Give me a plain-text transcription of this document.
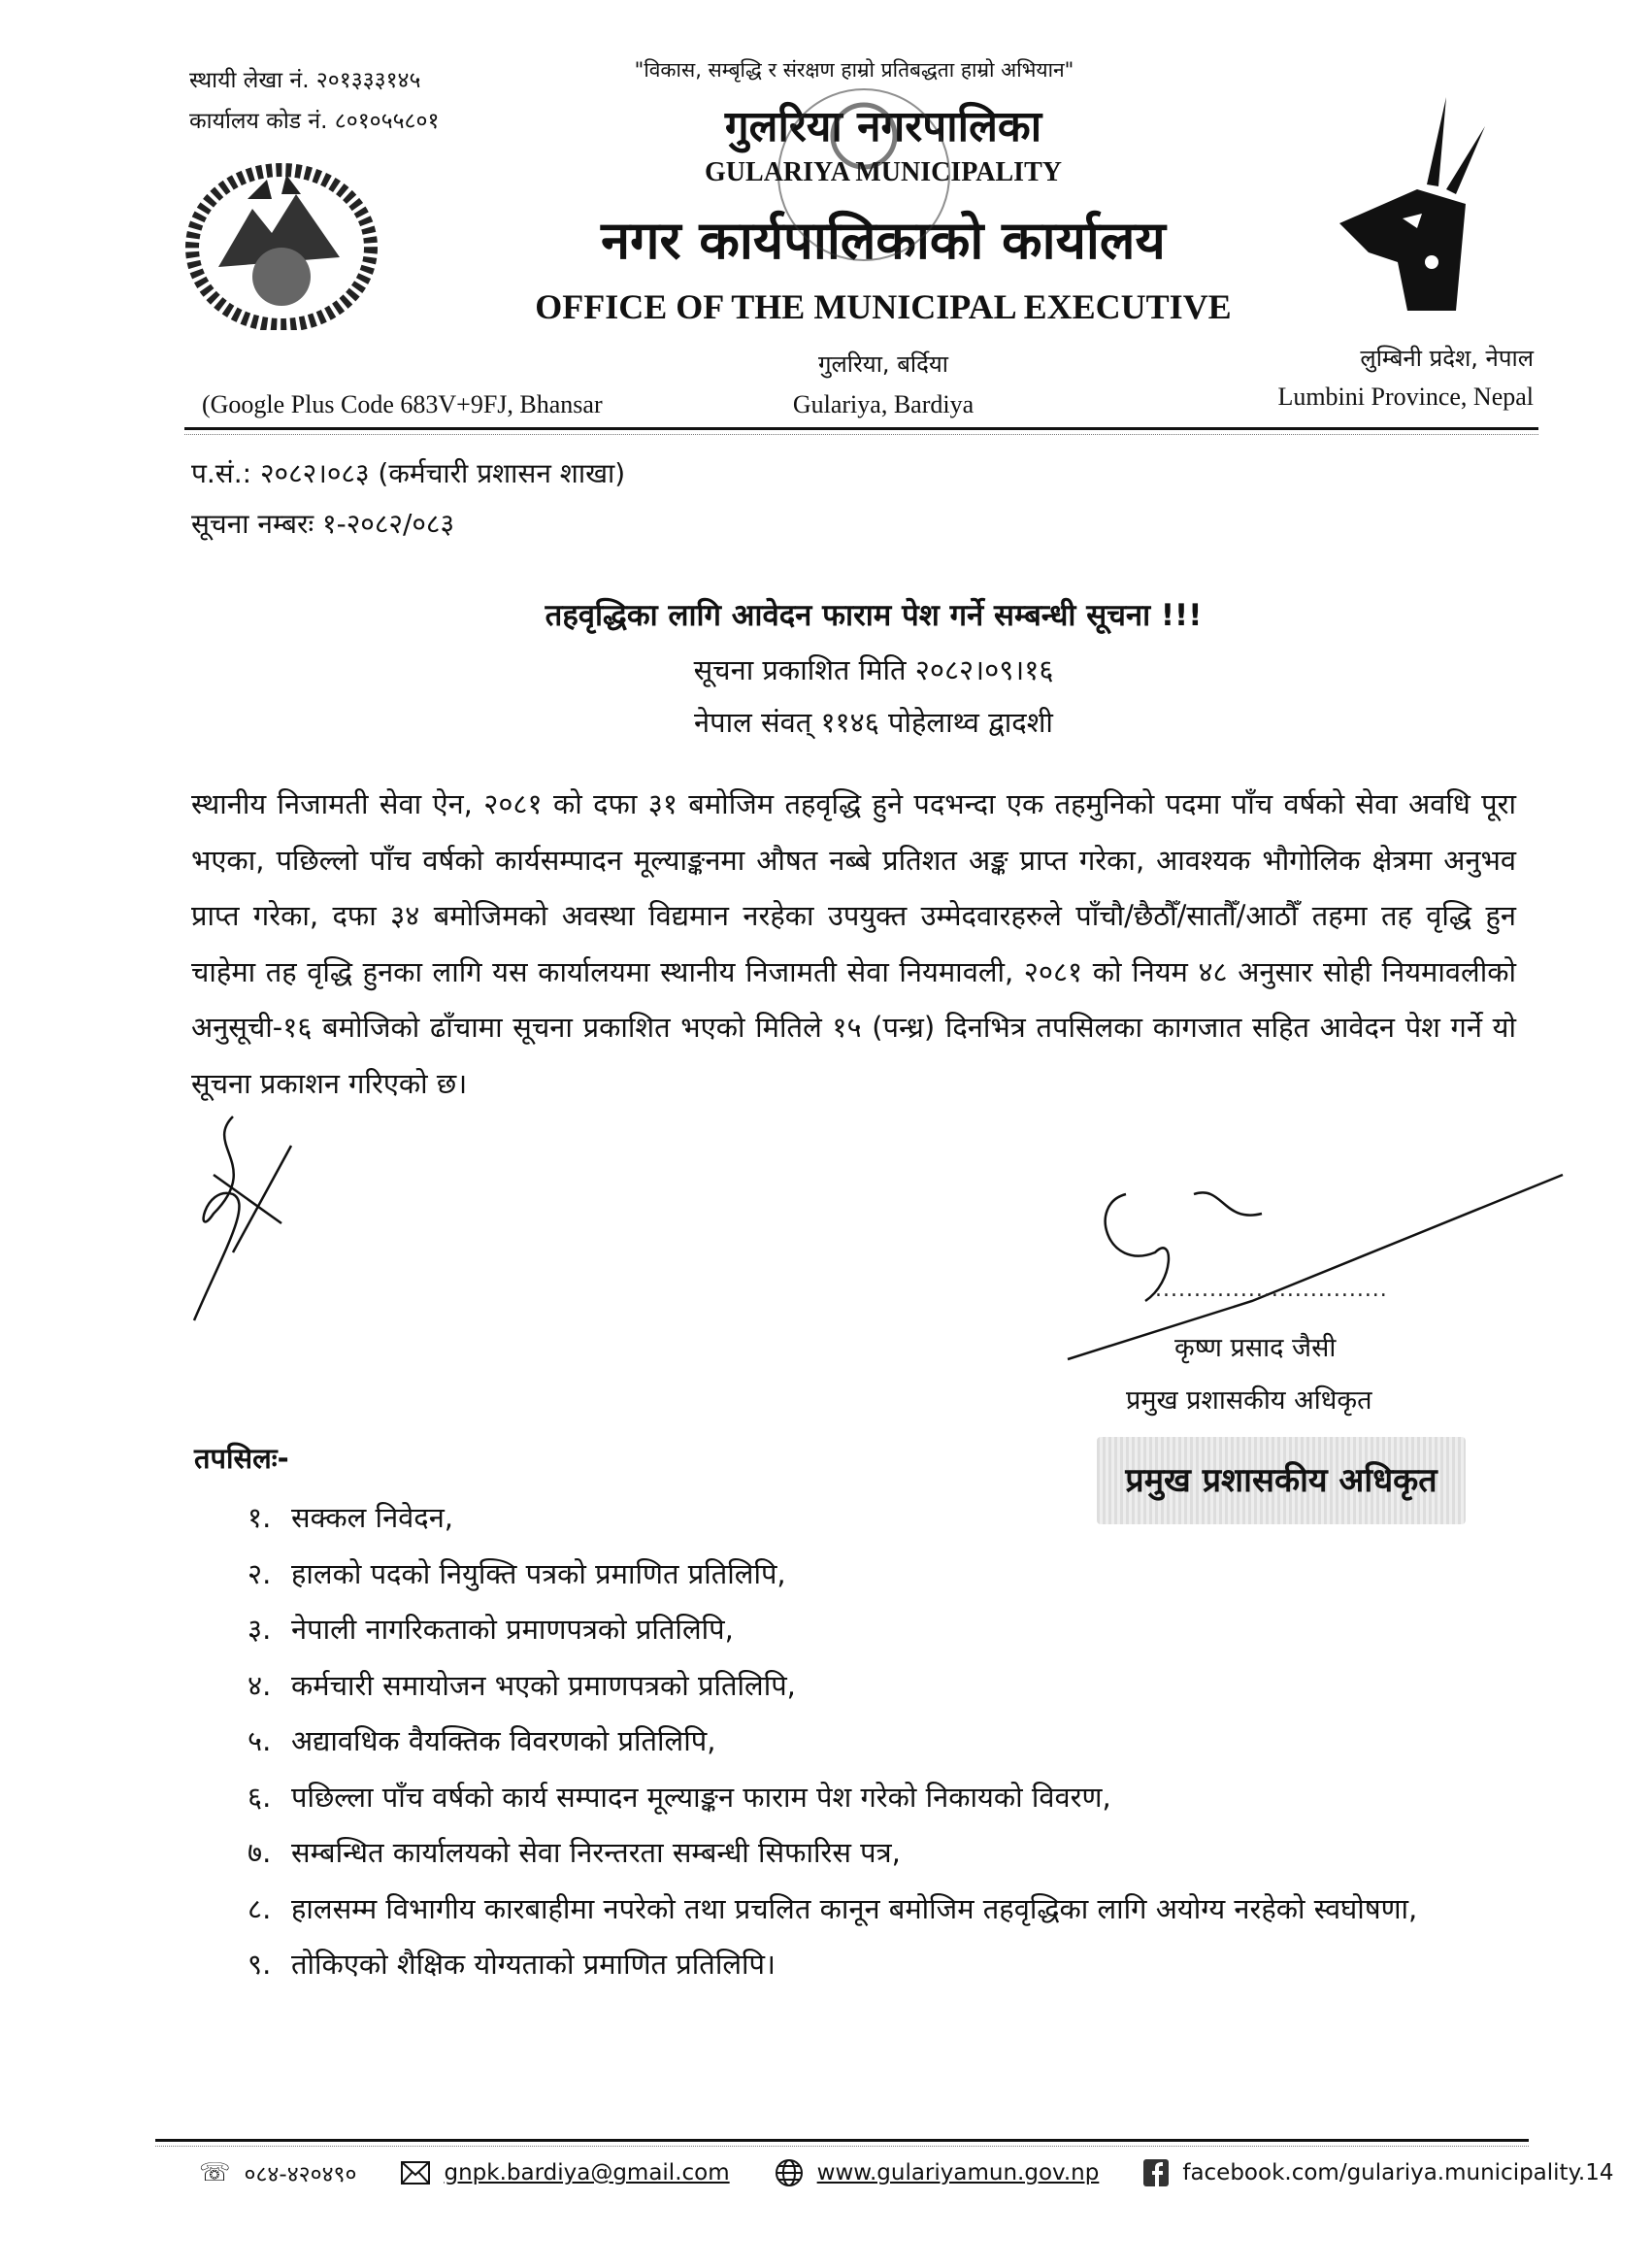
स्थायी लेखा नं. २०१३३३१४५
कार्यालय कोड नं. ८०१०५५८०१
"विकास, सम्बृद्धि र संरक्षण हाम्रो प्रतिबद्धता हाम्रो अभियान"
गुलरिया नगरपालिका
GULARIYA MUNICIPALITY
नगर कार्यपालिकाको कार्यालय
OFFICE OF THE MUNICIPAL EXECUTIVE
गुलरिया, बर्दिया
Gulariya, Bardiya
(Google Plus Code 683V+9FJ, Bhansar
लुम्बिनी प्रदेश, नेपाल
Lumbini Province, Nepal
प.सं.: २०८२।०८३ (कर्मचारी प्रशासन शाखा)
सूचना नम्बरः १-२०८२/०८३
तहवृद्धिका लागि आवेदन फाराम पेश गर्ने सम्बन्धी सूचना !!!
सूचना प्रकाशित मिति २०८२।०९।१६
नेपाल संवत् ११४६ पोहेलाथ्व द्वादशी
स्थानीय निजामती सेवा ऐन, २०८१ को दफा ३१ बमोजिम तहवृद्धि हुने पदभन्दा एक तहमुनिको पदमा पाँच वर्षको सेवा अवधि पूरा भएका, पछिल्लो पाँच वर्षको कार्यसम्पादन मूल्याङ्कनमा औषत नब्बे प्रतिशत अङ्क प्राप्त गरेका, आवश्यक भौगोलिक क्षेत्रमा अनुभव प्राप्त गरेका, दफा ३४ बमोजिमको अवस्था विद्यमान नरहेका उपयुक्त उम्मेदवारहरुले पाँचौ/छैठौँ/सातौँ/आठौँ तहमा तह वृद्धि हुन चाहेमा तह वृद्धि हुनका लागि यस कार्यालयमा स्थानीय निजामती सेवा नियमावली, २०८१ को नियम ४८ अनुसार सोही नियमावलीको अनुसूची-१६ बमोजिको ढाँचामा सूचना प्रकाशित भएको मितिले १५ (पन्ध्र) दिनभित्र तपसिलका कागजात सहित आवेदन पेश गर्ने यो सूचना प्रकाशन गरिएको छ।
..............................
कृष्ण प्रसाद जैसी
प्रमुख प्रशासकीय अधिकृत
प्रमुख प्रशासकीय अधिकृत
तपसिलः-
१. सक्कल निवेदन,
२. हालको पदको नियुक्ति पत्रको प्रमाणित प्रतिलिपि,
३. नेपाली नागरिकताको प्रमाणपत्रको प्रतिलिपि,
४. कर्मचारी समायोजन भएको प्रमाणपत्रको प्रतिलिपि,
५. अद्यावधिक वैयक्तिक विवरणको प्रतिलिपि,
६. पछिल्ला पाँच वर्षको कार्य सम्पादन मूल्याङ्कन फाराम पेश गरेको निकायको विवरण,
७. सम्बन्धित कार्यालयको सेवा निरन्तरता सम्बन्धी सिफारिस पत्र,
८. हालसम्म विभागीय कारबाहीमा नपरेको तथा प्रचलित कानून बमोजिम तहवृद्धिका लागि अयोग्य नरहेको स्वघोषणा,
९. तोकिएको शैक्षिक योग्यताको प्रमाणित प्रतिलिपि।
☏ ०८४-४२०४९०	gnpk.bardiya@gmail.com	www.gulariyamun.gov.np	facebook.com/gulariya.municipality.14
